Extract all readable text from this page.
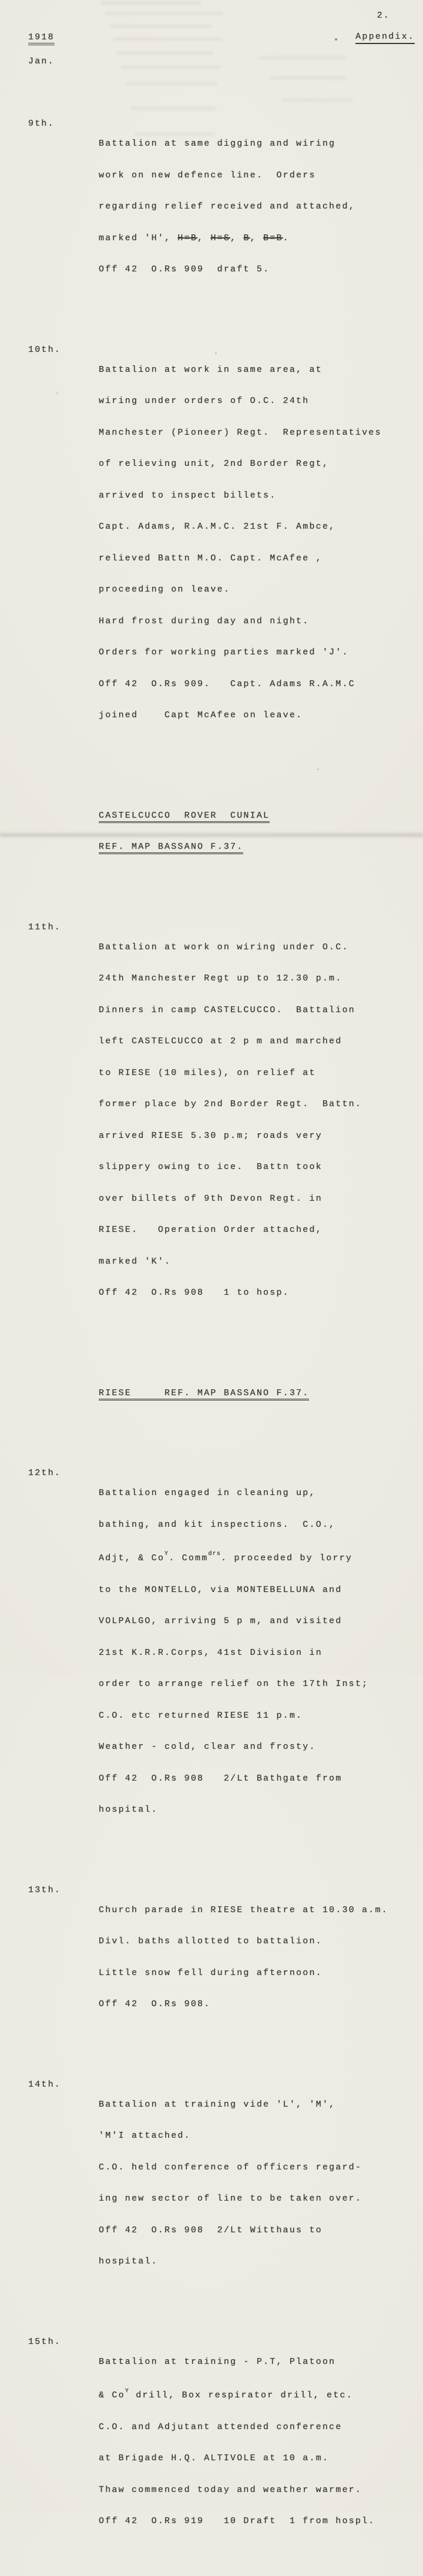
2.
Appendix.
1918
Jan.

9th.

Battalion at same digging and wiring

work on new defence line.  Orders

regarding relief received and attached,

marked 'H', H=B, H=S, B, B=B.

Off 42  O.Rs 909  draft 5.

10th.

Battalion at work in same area, at

wiring under orders of O.C. 24th

Manchester (Pioneer) Regt.  Representatives

of relieving unit, 2nd Border Regt,

arrived to inspect billets.

Capt. Adams, R.A.M.C. 21st F. Ambce,

relieved Battn M.O. Capt. McAfee ,

proceeding on leave.

Hard frost during day and night.

Orders for working parties marked 'J'.

Off 42  O.Rs 909.   Capt. Adams R.A.M.C

joined    Capt McAfee on leave.

CASTELCUCCO  ROVER  CUNIAL

REF. MAP BASSANO F.37.

11th.

Battalion at work on wiring under O.C.

24th Manchester Regt up to 12.30 p.m.

Dinners in camp CASTELCUCCO.  Battalion

left CASTELCUCCO at 2 p m and marched

to RIESE (10 miles), on relief at

former place by 2nd Border Regt.  Battn.

arrived RIESE 5.30 p.m; roads very

slippery owing to ice.  Battn took

over billets of 9th Devon Regt. in

RIESE.   Operation Order attached,

marked 'K'.

Off 42  O.Rs 908   1 to hosp.

RIESE     REF. MAP BASSANO F.37.

12th.

Battalion engaged in cleaning up,

bathing, and kit inspections.  C.O.,

Adjt, & $Co^Y$. Comm$^{drs}$. proceeded by lorry

to the MONTELLO, via MONTEBELLUNA and

VOLPALGO, arriving 5 p m, and visited

21st K.R.R.Corps, 41st Division in

order to arrange relief on the 17th Inst;

C.O. etc returned RIESE 11 p.m.

Weather - cold, clear and frosty.

Off 42  O.Rs 908   2/Lt Bathgate from

hospital.

13th.

Church parade in RIESE theatre at 10.30 a.m.

Divl. baths allotted to battalion.

Little snow fell during afternoon.

Off 42  O.Rs 908.

14th.

Battalion at training vide 'L', 'M',

'M'I attached.

C.O. held conference of officers regard-

ing new sector of line to be taken over.

Off 42  O.Rs 908  2/Lt Witthaus to

hospital.

15th.

Battalion at training - P.T, Platoon

& $Co^Y$ drill, Box respirator drill, etc.

C.O. and Adjutant attended conference

at Brigade H.Q. ALTIVOLE at 10 a.m.

Thaw commenced today and weather warmer.

Off 42  O.Rs 919   10 Draft  1 from hospl.
